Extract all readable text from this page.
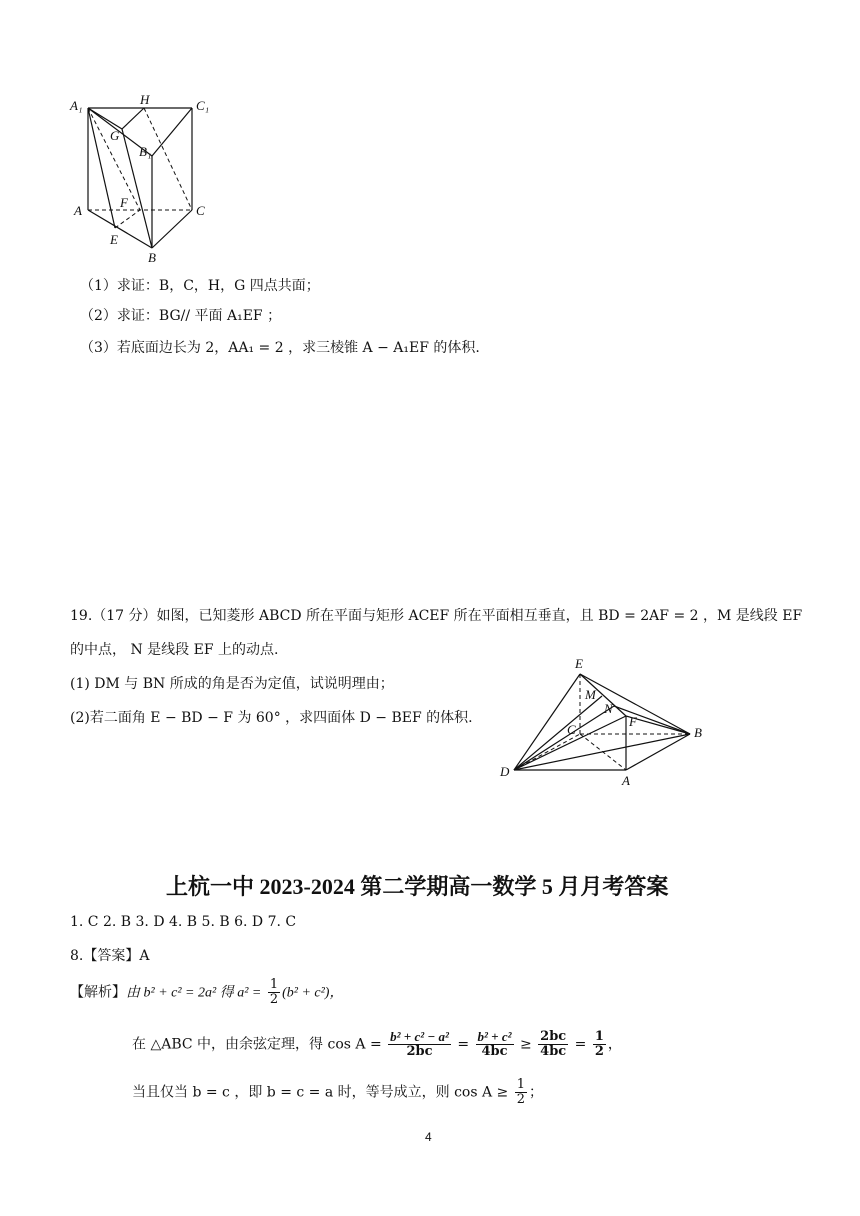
A₁	H	C₁
G
B₁
A
F
C
E
B
（1）求证：B，C，H，G 四点共面；
（2）求证：BG// 平面 A₁EF ；
（3）若底面边长为 2，AA₁ = 2 ，求三棱锥 A − A₁EF 的体积.
19.（17 分）如图，已知菱形 ABCD 所在平面与矩形 ACEF 所在平面相互垂直，且 BD = 2AF = 2 ，M 是线段 EF
的中点， N 是线段 EF 上的动点.
(1) DM 与 BN 所成的角是否为定值，试说明理由；
(2)若二面角 E − BD − F 为 60° ，求四面体 D − BEF 的体积.
E
M
N
C
F
B
D
A
上杭一中 2023-2024 第二学期高一数学 5 月月考答案
1. C 2. B 3. D 4. B 5. B 6. D 7. C
8.【答案】A
【解析】由 b² + c² = 2a² 得 $a^2 = \frac{1}{2} (b^2 + c^2)$，
在 △ABC 中，由余弦定理，得 $\cos A = \frac{\text{b² + c² − a²}}{2bc} = \frac{\text{b² + c²}}{4bc} \ge \frac{2bc}{4bc} = \frac{1}{2}$ ，
当且仅当 b = c ，即 b = c = a 时，等号成立，则 $\cos A \ge \frac{1}{2}$ ；
4
